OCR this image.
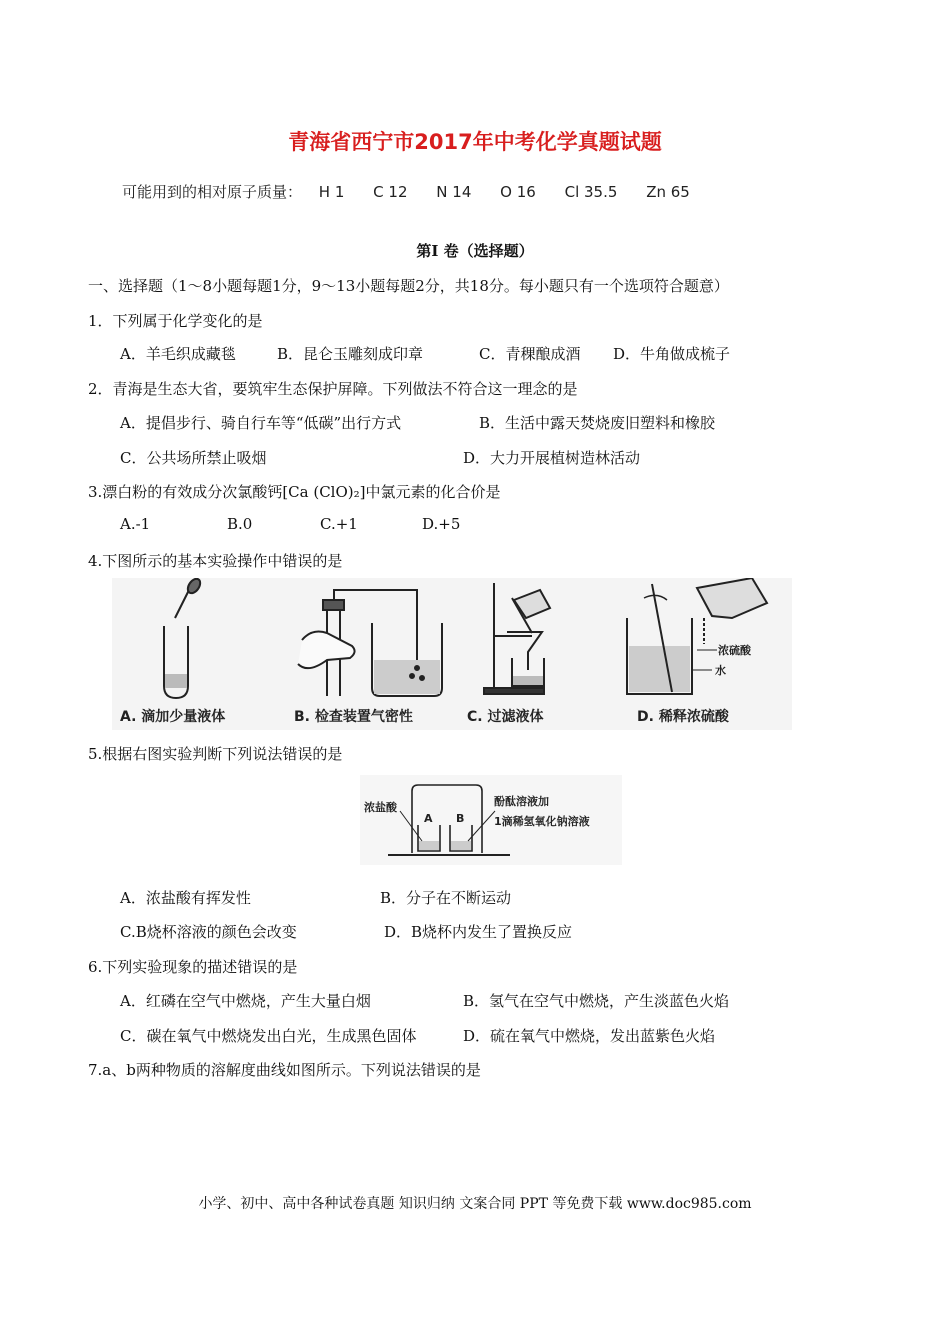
青海省西宁市2017年中考化学真题试题
可能用到的相对原子质量： H 1 C 12 N 14 O 16 Cl 35.5 Zn 65
第Ⅰ 卷（选择题）
一、选择题（1～8小题每题1分，9～13小题每题2分，共18分。每小题只有一个选项符合题意）
1．下列属于化学变化的是
A．羊毛织成藏毯	B．昆仑玉雕刻成印章	C．青稞酿成酒 D．牛角做成梳子
2．青海是生态大省，要筑牢生态保护屏障。下列做法不符合这一理念的是
A．提倡步行、骑自行车等“低碳”出行方式	B．生活中露天焚烧废旧塑料和橡胶
C．公共场所禁止吸烟	D．大力开展植树造林活动
3.漂白粉的有效成分次氯酸钙[Ca (ClO)₂]中氯元素的化合价是
A.-1	B.0	C.+1	D.+5
4.下图所示的基本实验操作中错误的是
浓硫酸
水
A. 滴加少量液体	B. 检查装置气密性	C. 过滤液体	D. 稀释浓硫酸
5.根据右图实验判断下列说法错误的是
浓盐酸
A B
酚酞溶液加
1滴稀氢氧化钠溶液
A．浓盐酸有挥发性	B．分子在不断运动
C.B烧杯溶液的颜色会改变	D．B烧杯内发生了置换反应
6.下列实验现象的描述错误的是
A．红磷在空气中燃烧，产生大量白烟	B．氢气在空气中燃烧，产生淡蓝色火焰
C．碳在氧气中燃烧发出白光，生成黑色固体	D．硫在氧气中燃烧，发出蓝紫色火焰
7.a、b两种物质的溶解度曲线如图所示。下列说法错误的是
小学、初中、高中各种试卷真题 知识归纳 文案合同 PPT 等免费下载 www.doc985.com
